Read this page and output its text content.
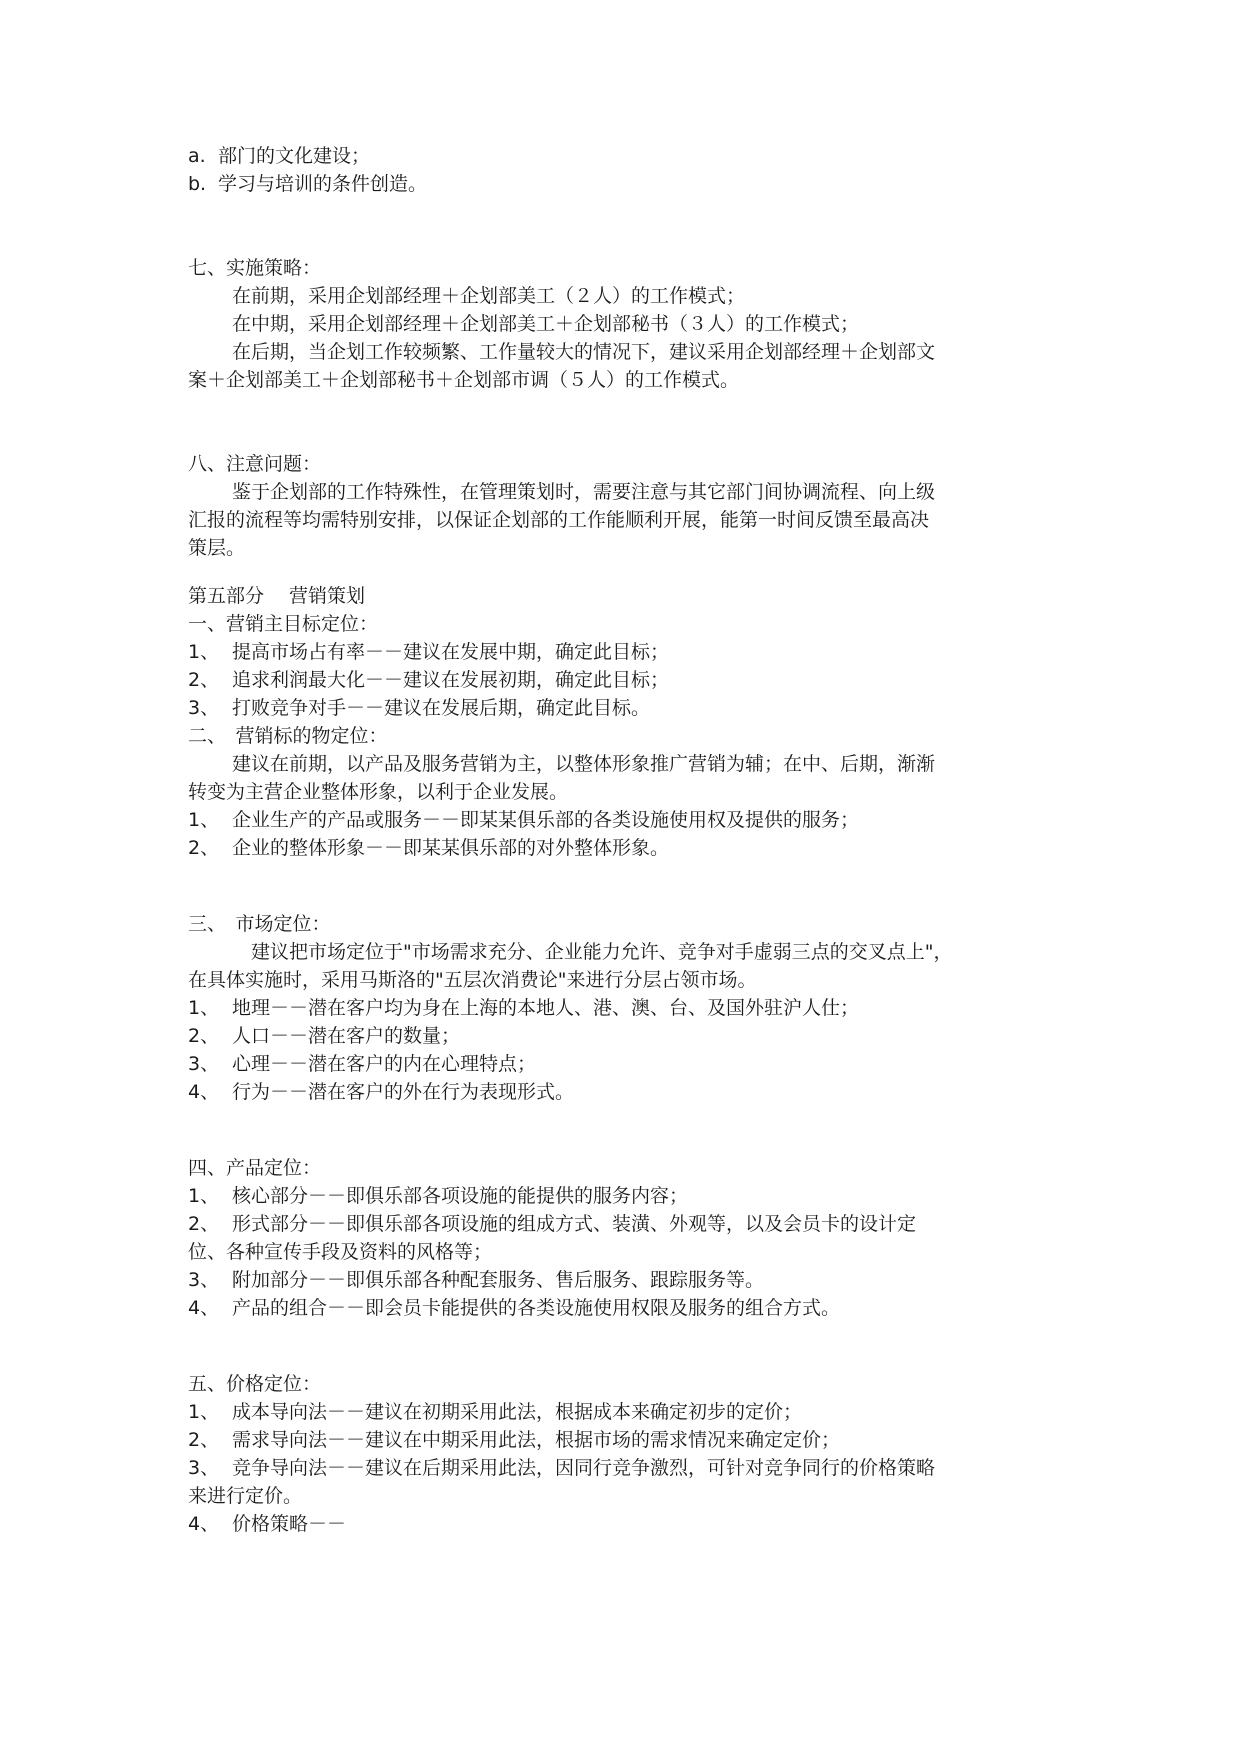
a. 部门的文化建设；
b. 学习与培训的条件创造。
七、实施策略：
在前期，采用企划部经理＋企划部美工（２人）的工作模式；
在中期，采用企划部经理＋企划部美工＋企划部秘书（３人）的工作模式；
在后期，当企划工作较频繁、工作量较大的情况下，建议采用企划部经理＋企划部文
案＋企划部美工＋企划部秘书＋企划部市调（５人）的工作模式。
八、注意问题：
鉴于企划部的工作特殊性，在管理策划时，需要注意与其它部门间协调流程、向上级
汇报的流程等均需特别安排，以保证企划部的工作能顺利开展，能第一时间反馈至最高决
策层。
第五部分　 营销策划
一、营销主目标定位：
1、 提高市场占有率－－建议在发展中期，确定此目标；
2、 追求利润最大化－－建议在发展初期，确定此目标；
3、 打败竞争对手－－建议在发展后期，确定此目标。
二、　营销标的物定位：
建议在前期，以产品及服务营销为主，以整体形象推广营销为辅；在中、后期，渐渐
转变为主营企业整体形象，以利于企业发展。
1、 企业生产的产品或服务－－即某某俱乐部的各类设施使用权及提供的服务；
2、 企业的整体形象－－即某某俱乐部的对外整体形象。
三、　市场定位：
　建议把市场定位于"市场需求充分、企业能力允许、竞争对手虚弱三点的交叉点上"，
在具体实施时，采用马斯洛的"五层次消费论"来进行分层占领市场。
1、 地理－－潜在客户均为身在上海的本地人、港、澳、台、及国外驻沪人仕；
2、 人口－－潜在客户的数量；
3、 心理－－潜在客户的内在心理特点；
4、 行为－－潜在客户的外在行为表现形式。
四、产品定位：
1、 核心部分－－即俱乐部各项设施的能提供的服务内容；
2、 形式部分－－即俱乐部各项设施的组成方式、装潢、外观等，以及会员卡的设计定
位、各种宣传手段及资料的风格等；
3、 附加部分－－即俱乐部各种配套服务、售后服务、跟踪服务等。
4、 产品的组合－－即会员卡能提供的各类设施使用权限及服务的组合方式。
五、价格定位：
1、 成本导向法－－建议在初期采用此法，根据成本来确定初步的定价；
2、 需求导向法－－建议在中期采用此法，根据市场的需求情况来确定定价；
3、 竞争导向法－－建议在后期采用此法，因同行竞争激烈，可针对竞争同行的价格策略
来进行定价。
4、 价格策略－－
